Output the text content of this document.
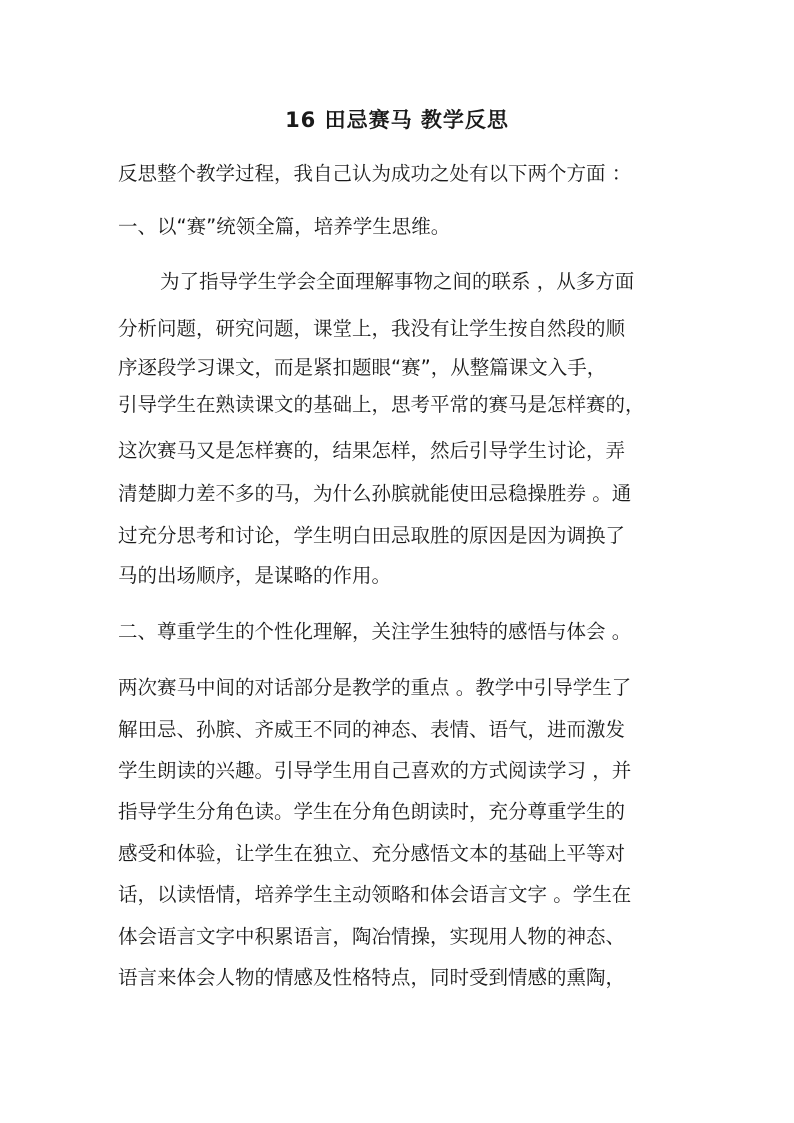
16 田忌赛马 教学反思
反思整个教学过程，我自己认为成功之处有以下两个方面 ：
一、以“赛”统领全篇，培养学生思维。
为了指导学生学会全面理解事物之间的联系 ，从多方面
分析问题，研究问题，课堂上，我没有让学生按自然段的顺
序逐段学习课文，而是紧扣题眼“赛”，从整篇课文入手，
引导学生在熟读课文的基础上，思考平常的赛马是怎样赛的，
这次赛马又是怎样赛的，结果怎样，然后引导学生讨论，弄
清楚脚力差不多的马，为什么孙膑就能使田忌稳操胜券 。通
过充分思考和讨论，学生明白田忌取胜的原因是因为调换了
马的出场顺序，是谋略的作用。
二、尊重学生的个性化理解，关注学生独特的感悟与体会 。
两次赛马中间的对话部分是教学的重点 。教学中引导学生了
解田忌、孙膑、齐威王不同的神态、表情、语气，进而激发
学生朗读的兴趣。引导学生用自己喜欢的方式阅读学习 ，并
指导学生分角色读。学生在分角色朗读时，充分尊重学生的
感受和体验，让学生在独立、充分感悟文本的基础上平等对
话，以读悟情，培养学生主动领略和体会语言文字 。学生在
体会语言文字中积累语言，陶冶情操，实现用人物的神态、
语言来体会人物的情感及性格特点，同时受到情感的熏陶，
